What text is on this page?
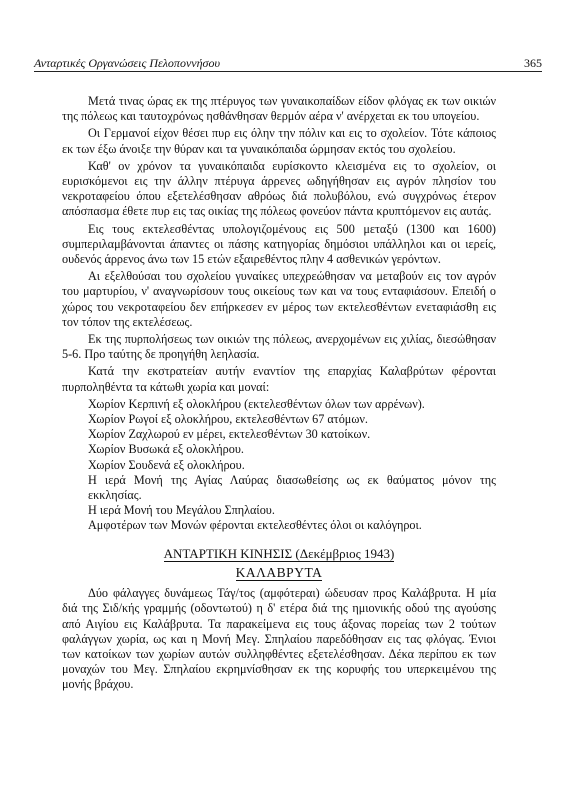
Ανταρτικές Οργανώσεις Πελοποννήσου	365

Μετά τινας ώρας εκ της πτέρυγος των γυναικοπαίδων είδον φλόγας εκ των οικιών της πόλεως και ταυτοχρόνως ησθάνθησαν θερμόν αέρα ν' ανέρχεται εκ του υπογείου.

Οι Γερμανοί είχον θέσει πυρ εις όλην την πόλιν και εις το σχολείον. Τότε κάποιος εκ των έξω άνοιξε την θύραν και τα γυναικόπαιδα ώρμησαν εκτός του σχολείου.

Καθ' ον χρόνον τα γυναικόπαιδα ευρίσκοντο κλεισμένα εις το σχολείον, οι ευρισκόμενοι εις την άλλην πτέρυγα άρρενες ωδηγήθησαν εις αγρόν πλησίον του νεκροταφείου όπου εξετελέσθησαν αθρόως διά πολυβόλου, ενώ συγχρόνως έτερον απόσπασμα έθετε πυρ εις τας οικίας της πόλεως φονεύον πάντα κρυπτόμενον εις αυτάς.

Εις τους εκτελεσθέντας υπολογιζομένους εις 500 μεταξύ (1300 και 1600) συμπεριλαμβάνονται άπαντες οι πάσης κατηγορίας δημόσιοι υπάλληλοι και οι ιερείς, ουδενός άρρενος άνω των 15 ετών εξαιρεθέντος πλην 4 ασθενικών γερόντων.

Αι εξελθούσαι του σχολείου γυναίκες υπεχρεώθησαν να μεταβούν εις τον αγρόν του μαρτυρίου, ν' αναγνωρίσουν τους οικείους των και να τους ενταφιάσουν. Επειδή ο χώρος του νεκροταφείου δεν επήρκεσεν εν μέρος των εκτελεσθέντων ενεταφιάσθη εις τον τόπον της εκτελέσεως.

Εκ της πυρπολήσεως των οικιών της πόλεως, ανερχομένων εις χιλίας, διεσώθησαν 5-6. Προ ταύτης δε προηγήθη λεηλασία.

Κατά την εκστρατείαν αυτήν εναντίον της επαρχίας Καλαβρύτων φέρονται πυρποληθέντα τα κάτωθι χωρία και μοναί:

Χωρίον Κερπινή εξ ολοκλήρου (εκτελεσθέντων όλων των αρρένων).

Χωρίον Ρωγοί εξ ολοκλήρου, εκτελεσθέντων 67 ατόμων.

Χωρίον Ζαχλωρού εν μέρει, εκτελεσθέντων 30 κατοίκων.

Χωρίον Βυσωκά εξ ολοκλήρου.

Χωρίον Σουδενά εξ ολοκλήρου.

Η ιερά Μονή της Αγίας Λαύρας διασωθείσης ως εκ θαύματος μόνον της εκκλησίας.

Η ιερά Μονή του Μεγάλου Σπηλαίου.

Αμφοτέρων των Μονών φέρονται εκτελεσθέντες όλοι οι καλόγηροι.

ΑΝΤΑΡΤΙΚΗ ΚΙΝΗΣΙΣ (Δεκέμβριος 1943)
ΚΑΛΑΒΡΥΤΑ

Δύο φάλαγγες δυνάμεως Τάγ/τος (αμφότεραι) ώδευσαν προς Καλάβρυτα. Η μία διά της Σιδ/κής γραμμής (οδοντωτού) η δ' ετέρα διά της ημιονικής οδού της αγούσης από Αιγίου εις Καλάβρυτα. Τα παρακείμενα εις τους άξονας πορείας των 2 τούτων φαλάγγων χωρία, ως και η Μονή Μεγ. Σπηλαίου παρεδόθησαν εις τας φλόγας. Ένιοι των κατοίκων των χωρίων αυτών συλληφθέντες εξετελέσθησαν. Δέκα περίπου εκ των μοναχών του Μεγ. Σπηλαίου εκρημνίσθησαν εκ της κορυφής του υπερκειμένου της μονής βράχου.
